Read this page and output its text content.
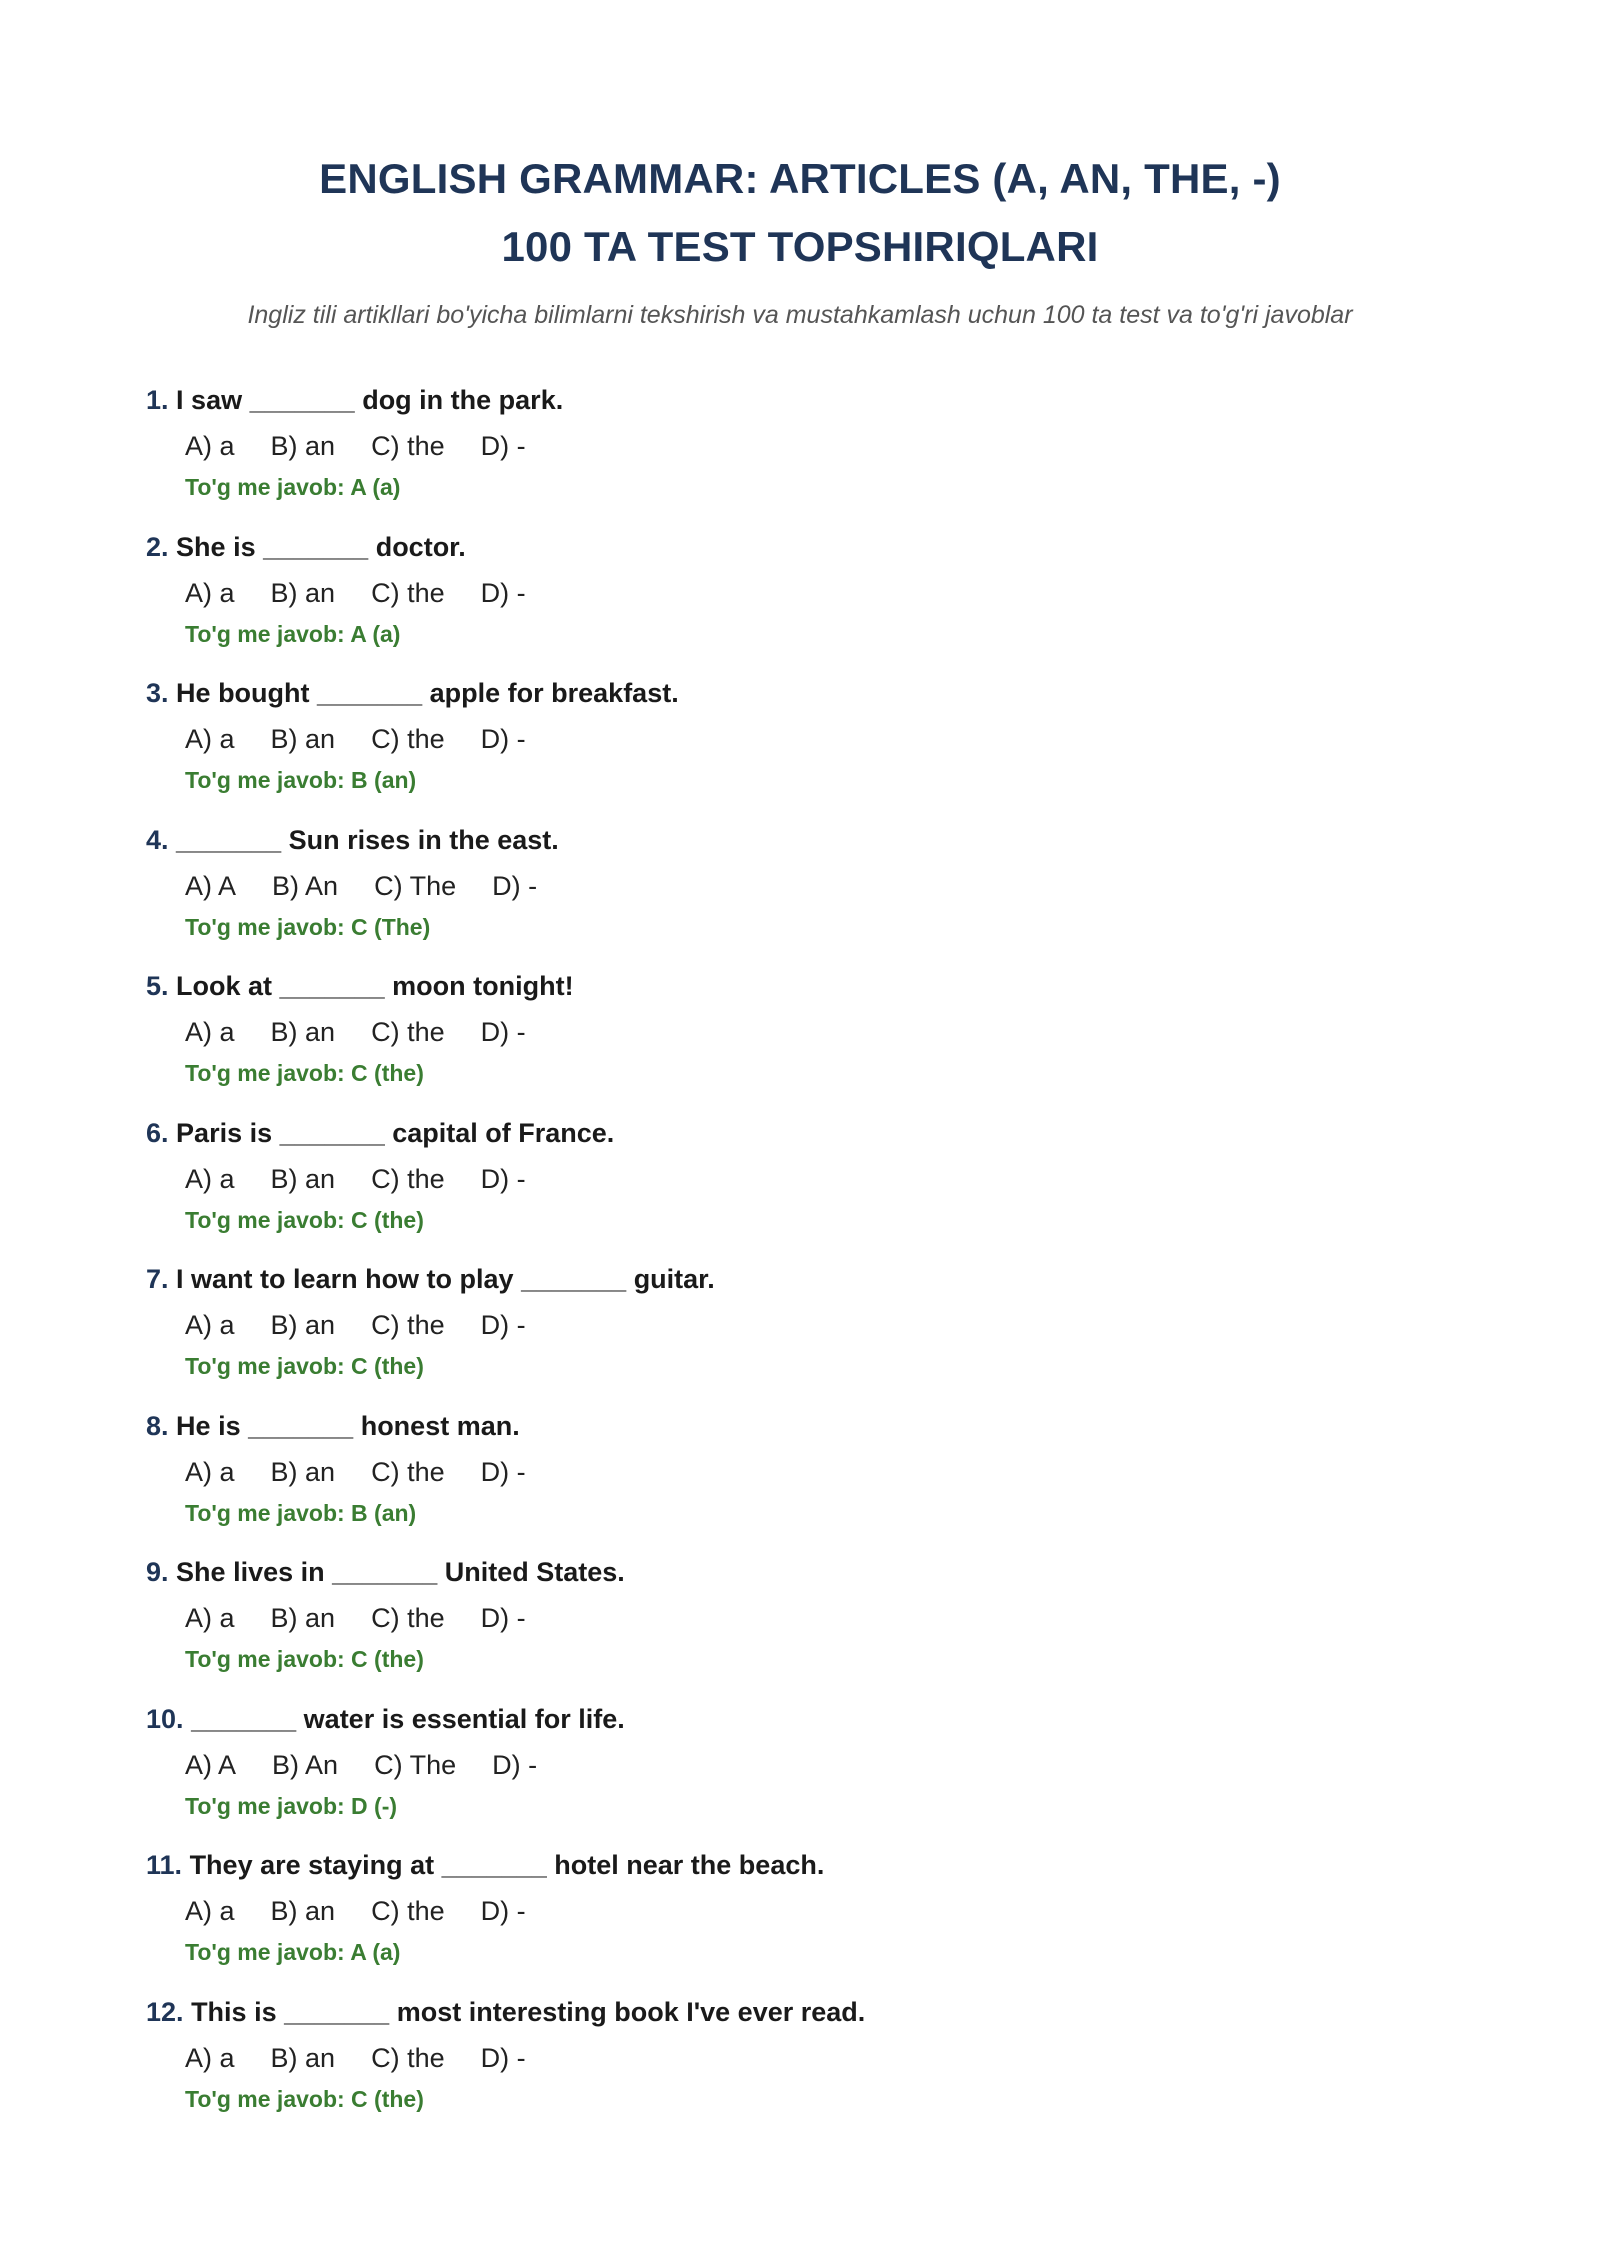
ENGLISH GRAMMAR: ARTICLES (A, AN, THE, -)
100 TA TEST TOPSHIRIQLARI
Ingliz tili artikllari bo'yicha bilimlarni tekshirish va mustahkamlash uchun 100 ta test va to'g'ri javoblar
1. I saw _______ dog in the park.
A) a B) an C) the D) -
To'g me javob: A (a)
2. She is _______ doctor.
A) a B) an C) the D) -
To'g me javob: A (a)
3. He bought _______ apple for breakfast.
A) a B) an C) the D) -
To'g me javob: B (an)
4. _______ Sun rises in the east.
A) A B) An C) The D) -
To'g me javob: C (The)
5. Look at _______ moon tonight!
A) a B) an C) the D) -
To'g me javob: C (the)
6. Paris is _______ capital of France.
A) a B) an C) the D) -
To'g me javob: C (the)
7. I want to learn how to play _______ guitar.
A) a B) an C) the D) -
To'g me javob: C (the)
8. He is _______ honest man.
A) a B) an C) the D) -
To'g me javob: B (an)
9. She lives in _______ United States.
A) a B) an C) the D) -
To'g me javob: C (the)
10. _______ water is essential for life.
A) A B) An C) The D) -
To'g me javob: D (-)
11. They are staying at _______ hotel near the beach.
A) a B) an C) the D) -
To'g me javob: A (a)
12. This is _______ most interesting book I've ever read.
A) a B) an C) the D) -
To'g me javob: C (the)
